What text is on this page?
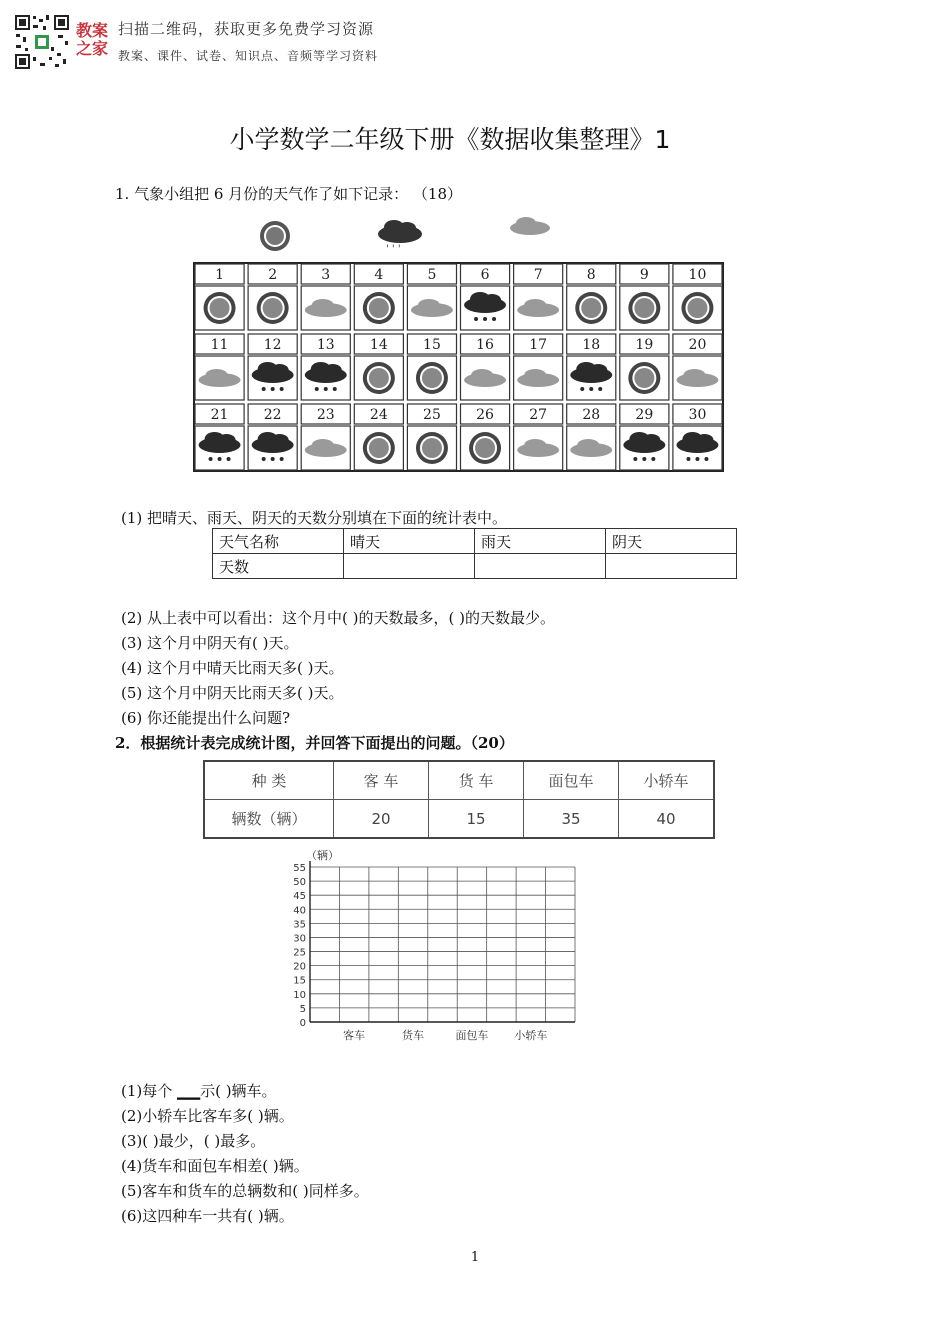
教案
之家
扫描二维码，获取更多免费学习资源
教案、课件、试卷、知识点、音频等学习资料
小学数学二年级下册《数据收集整理》1
1. 气象小组把 6 月份的天气作了如下记录： （18）
' ' '
1	2	3	4	5	6	7	8	9	10
11	12	13	14	15	16	17	18	19	20
21	22	23	24	25	26	27	28	29	30
(1) 把晴天、雨天、阴天的天数分别填在下面的统计表中。
天气名称	晴天	雨天	阴天
天数			
(2) 从上表中可以看出：这个月中( )的天数最多，( )的天数最少。
(3) 这个月中阴天有( )天。
(4) 这个月中晴天比雨天多( )天。
(5) 这个月中阴天比雨天多( )天。
(6) 你还能提出什么问题?
2．根据统计表完成统计图，并回答下面提出的问题。（20）
种 类	客 车	货 车	面包车	小轿车
辆数（辆）	20	15	35	40
（辆）
0
5
10
15
20
25
30
35
40
45
50
55
客车	货车	面包车 小轿车
(1)每个 ▁▁示( )辆车。
(2)小轿车比客车多( )辆。
(3)( )最少，( )最多。
(4)货车和面包车相差( )辆。
(5)客车和货车的总辆数和( )同样多。
(6)这四种车一共有( )辆。
1
